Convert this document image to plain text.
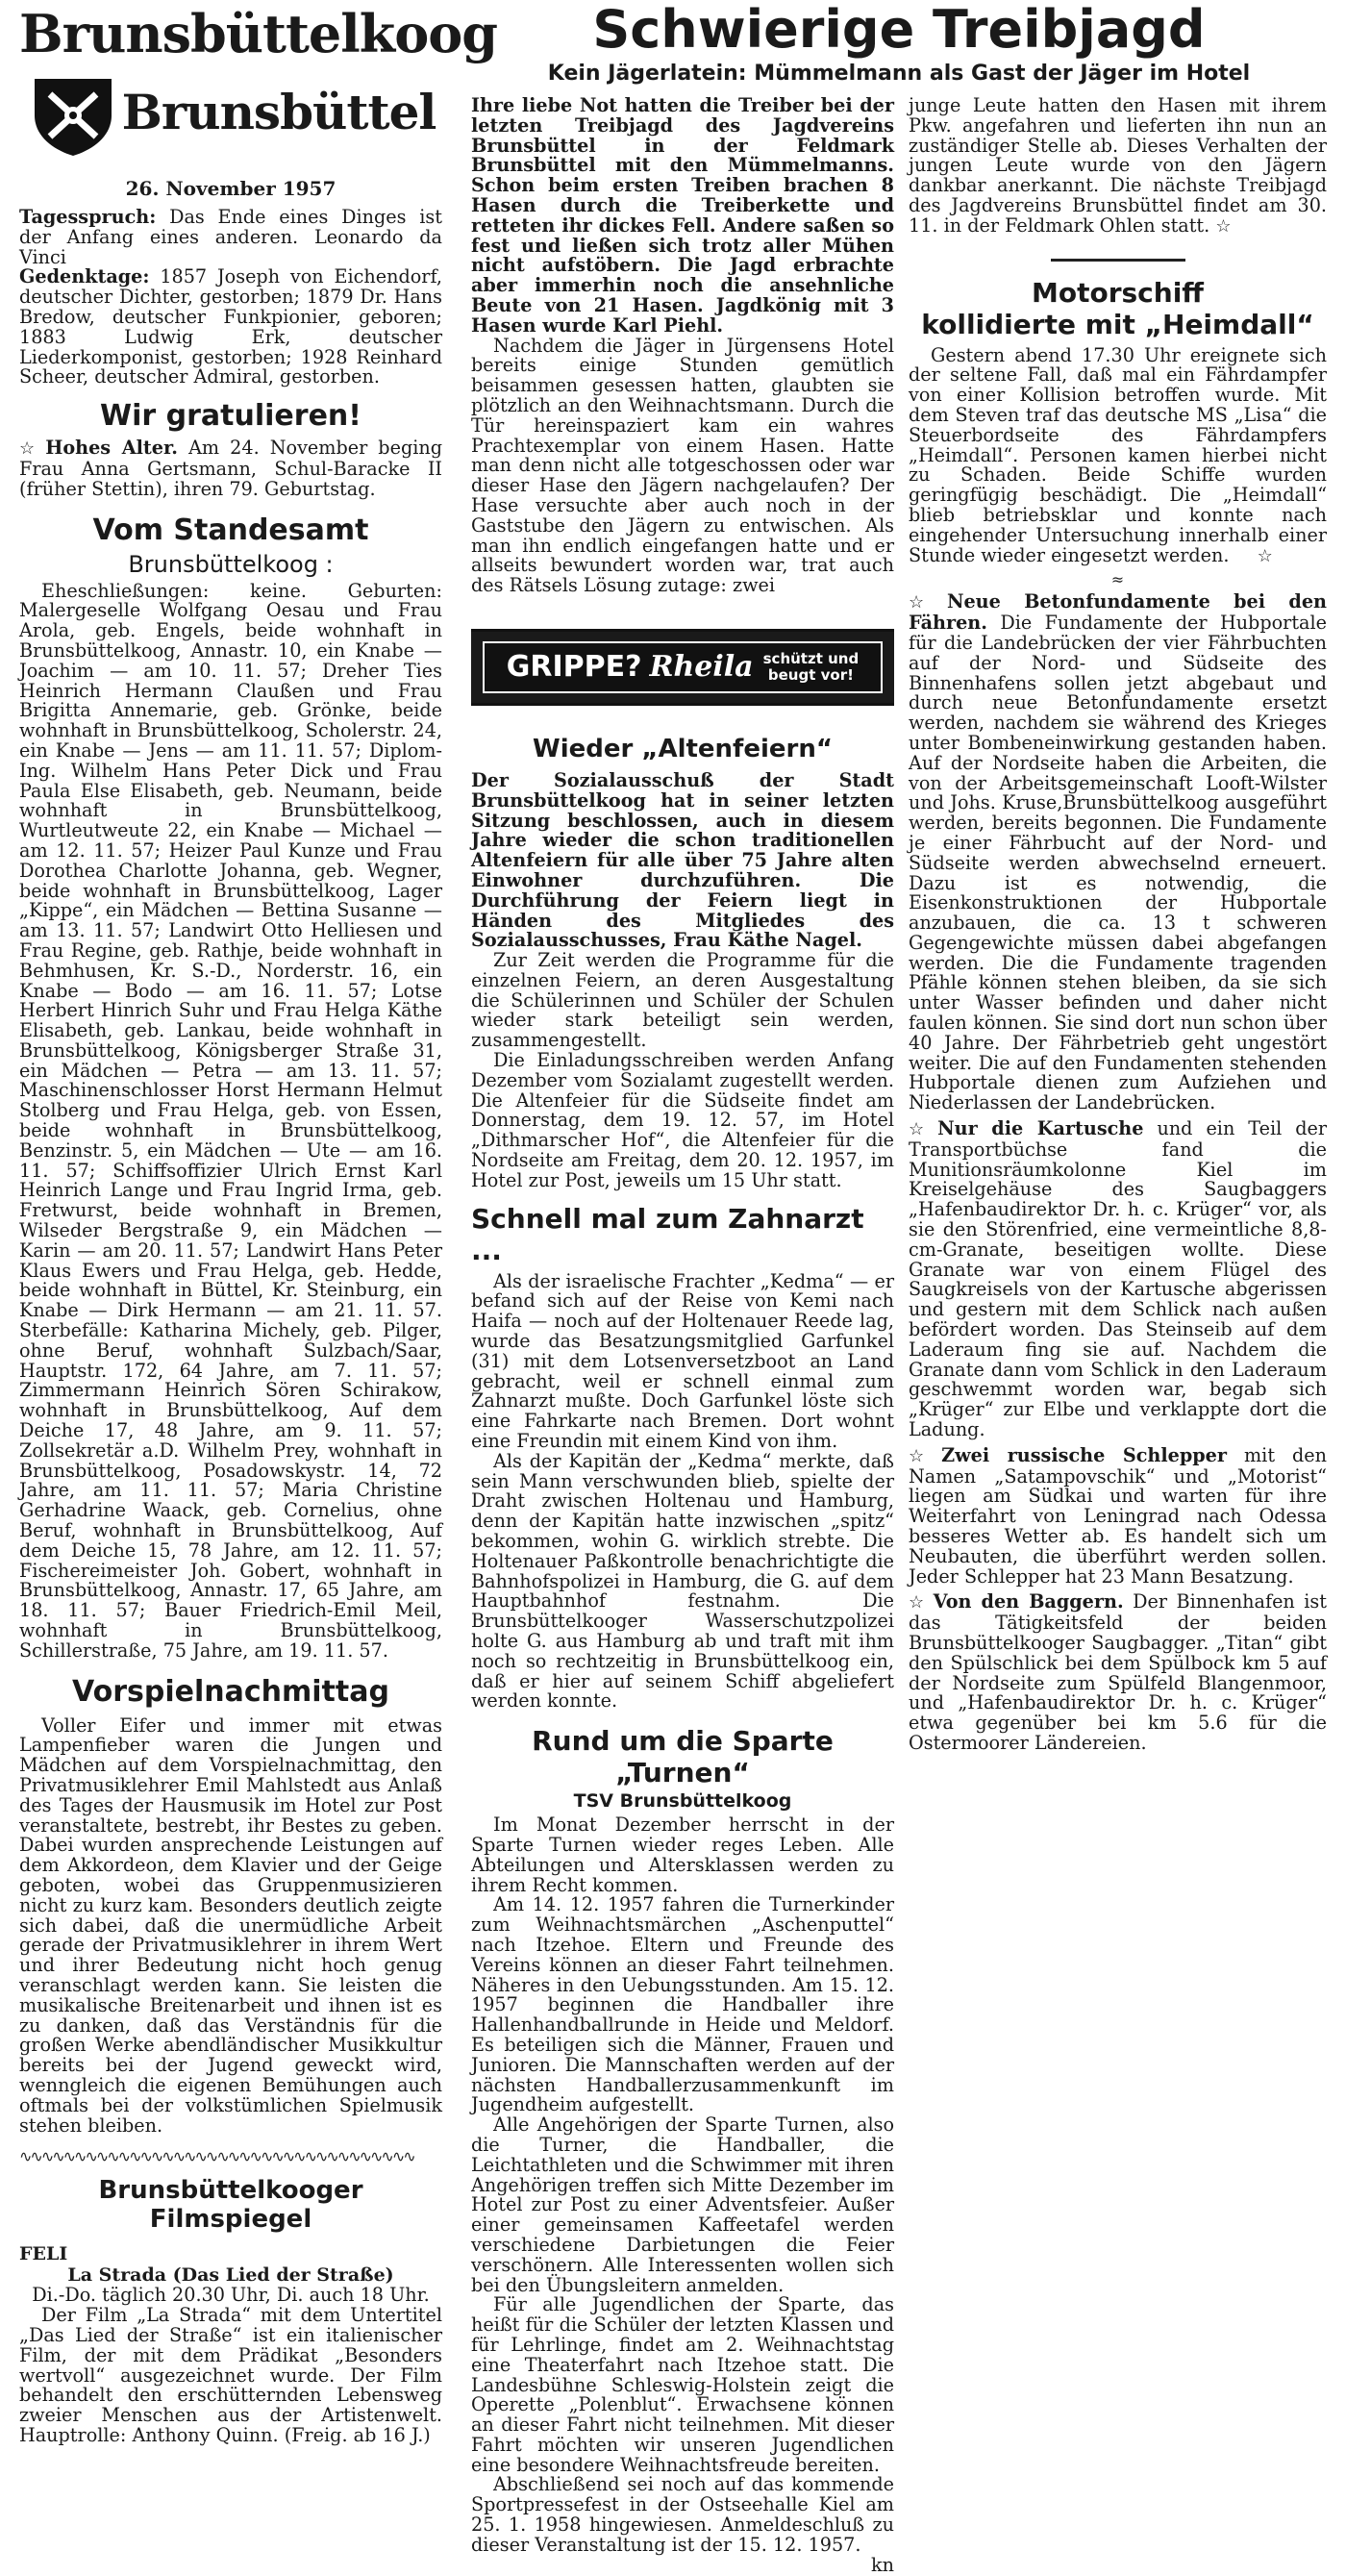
Brunsbüttelkoog
Brunsbüttel
26. November 1957

Tagesspruch: Das Ende eines Dinges ist der Anfang eines anderen. Leonardo da Vinci

Gedenktage: 1857 Joseph von Eichendorf, deutscher Dichter, gestorben; 1879 Dr. Hans Bredow, deutscher Funkpionier, geboren; 1883 Ludwig Erk, deutscher Liederkomponist, gestorben; 1928 Reinhard Scheer, deutscher Admiral, gestorben.

Wir gratulieren!

☆ Hohes Alter. Am 24. November beging Frau Anna Gertsmann, Schul-Baracke II (früher Stettin), ihren 79. Geburtstag.

Vom Standesamt
Brunsbüttelkoog :

Eheschließungen: keine. Geburten: Malergeselle Wolfgang Oesau und Frau Arola, geb. Engels, beide wohnhaft in Brunsbüttelkoog, Annastr. 10, ein Knabe — Joachim — am 10. 11. 57; Dreher Ties Heinrich Hermann Claußen und Frau Brigitta Annemarie, geb. Grönke, beide wohnhaft in Brunsbüttelkoog, Scholerstr. 24, ein Knabe — Jens — am 11. 11. 57; Diplom-Ing. Wilhelm Hans Peter Dick und Frau Paula Else Elisabeth, geb. Neumann, beide wohnhaft in Brunsbüttelkoog, Wurtleutweute 22, ein Knabe — Michael — am 12. 11. 57; Heizer Paul Kunze und Frau Dorothea Charlotte Johanna, geb. Wegner, beide wohnhaft in Brunsbüttelkoog, Lager „Kippe“, ein Mädchen — Bettina Susanne — am 13. 11. 57; Landwirt Otto Helliesen und Frau Regine, geb. Rathje, beide wohnhaft in Behmhusen, Kr. S.-D., Norderstr. 16, ein Knabe — Bodo — am 16. 11. 57; Lotse Herbert Hinrich Suhr und Frau Helga Käthe Elisabeth, geb. Lankau, beide wohnhaft in Brunsbüttelkoog, Königsberger Straße 31, ein Mädchen — Petra — am 13. 11. 57; Maschinenschlosser Horst Hermann Helmut Stolberg und Frau Helga, geb. von Essen, beide wohnhaft in Brunsbüttelkoog, Benzinstr. 5, ein Mädchen — Ute — am 16. 11. 57; Schiffsoffizier Ulrich Ernst Karl Heinrich Lange und Frau Ingrid Irma, geb. Fretwurst, beide wohnhaft in Bremen, Wilseder Bergstraße 9, ein Mädchen — Karin — am 20. 11. 57; Landwirt Hans Peter Klaus Ewers und Frau Helga, geb. Hedde, beide wohnhaft in Büttel, Kr. Steinburg, ein Knabe — Dirk Hermann — am 21. 11. 57. Sterbefälle: Katharina Michely, geb. Pilger, ohne Beruf, wohnhaft Sulzbach/Saar, Hauptstr. 172, 64 Jahre, am 7. 11. 57; Zimmermann Heinrich Sören Schirakow, wohnhaft in Brunsbüttelkoog, Auf dem Deiche 17, 48 Jahre, am 9. 11. 57; Zollsekretär a.D. Wilhelm Prey, wohnhaft in Brunsbüttelkoog, Posadowskystr. 14, 72 Jahre, am 11. 11. 57; Maria Christine Gerhadrine Waack, geb. Cornelius, ohne Beruf, wohnhaft in Brunsbüttelkoog, Auf dem Deiche 15, 78 Jahre, am 12. 11. 57; Fischereimeister Joh. Gobert, wohnhaft in Brunsbüttelkoog, Annastr. 17, 65 Jahre, am 18. 11. 57; Bauer Friedrich-Emil Meil, wohnhaft in Brunsbüttelkoog, Schillerstraße, 75 Jahre, am 19. 11. 57.

Vorspielnachmittag

Voller Eifer und immer mit etwas Lampenfieber waren die Jungen und Mädchen auf dem Vorspielnachmittag, den Privatmusiklehrer Emil Mahlstedt aus Anlaß des Tages der Hausmusik im Hotel zur Post veranstaltete, bestrebt, ihr Bestes zu geben. Dabei wurden ansprechende Leistungen auf dem Akkordeon, dem Klavier und der Geige geboten, wobei das Gruppenmusizieren nicht zu kurz kam. Besonders deutlich zeigte sich dabei, daß die unermüdliche Arbeit gerade der Privatmusiklehrer in ihrem Wert und ihrer Bedeutung nicht hoch genug veranschlagt werden kann. Sie leisten die musikalische Breitenarbeit und ihnen ist es zu danken, daß das Verständnis für die großen Werke abendländischer Musikkultur bereits bei der Jugend geweckt wird, wenngleich die eigenen Bemühungen auch oftmals bei der volkstümlichen Spielmusik stehen bleiben.

∿∿∿∿∿∿∿∿∿∿∿∿∿∿∿∿∿∿∿∿∿∿∿∿∿∿∿∿∿∿∿∿∿∿∿∿
Brunsbüttelkooger Filmspiegel
FELI
La Strada (Das Lied der Straße)

Di.-Do. täglich 20.30 Uhr, Di. auch 18 Uhr.

Der Film „La Strada“ mit dem Untertitel „Das Lied der Straße“ ist ein italienischer Film, der mit dem Prädikat „Besonders wertvoll“ ausgezeichnet wurde. Der Film behandelt den erschütternden Lebensweg zweier Menschen aus der Artistenwelt. Hauptrolle: Anthony Quinn. (Freig. ab 16 J.)

Schwierige Treibjagd
Kein Jägerlatein: Mümmelmann als Gast der Jäger im Hotel

Ihre liebe Not hatten die Treiber bei der letzten Treibjagd des Jagdvereins Brunsbüttel in der Feldmark Brunsbüttel mit den Mümmelmanns. Schon beim ersten Treiben brachen 8 Hasen durch die Treiberkette und retteten ihr dickes Fell. Andere saßen so fest und ließen sich trotz aller Mühen nicht aufstöbern. Die Jagd erbrachte aber immerhin noch die ansehnliche Beute von 21 Hasen. Jagdkönig mit 3 Hasen wurde Karl Piehl.

Nachdem die Jäger in Jürgensens Hotel bereits einige Stunden gemütlich beisammen gesessen hatten, glaubten sie plötzlich an den Weihnachtsmann. Durch die Tür hereinspaziert kam ein wahres Prachtexemplar von einem Hasen. Hatte man denn nicht alle totgeschossen oder war dieser Hase den Jägern nachgelaufen? Der Hase versuchte aber auch noch in der Gaststube den Jägern zu entwischen. Als man ihn endlich eingefangen hatte und er allseits bewundert worden war, trat auch des Rätsels Lösung zutage: zwei

GRIPPE? Rheila schützt und
beugt vor!
Wieder „Altenfeiern“

Der Sozialausschuß der Stadt Brunsbüttelkoog hat in seiner letzten Sitzung beschlossen, auch in diesem Jahre wieder die schon traditionellen Altenfeiern für alle über 75 Jahre alten Einwohner durchzuführen. Die Durchführung der Feiern liegt in Händen des Mitgliedes des Sozialausschusses, Frau Käthe Nagel.

Zur Zeit werden die Programme für die einzelnen Feiern, an deren Ausgestaltung die Schülerinnen und Schüler der Schulen wieder stark beteiligt sein werden, zusammengestellt.

Die Einladungsschreiben werden Anfang Dezember vom Sozialamt zugestellt werden. Die Altenfeier für die Südseite findet am Donnerstag, dem 19. 12. 57, im Hotel „Dithmarscher Hof“, die Altenfeier für die Nordseite am Freitag, dem 20. 12. 1957, im Hotel zur Post, jeweils um 15 Uhr statt.

Schnell mal zum Zahnarzt ...

Als der israelische Frachter „Kedma“ — er befand sich auf der Reise von Kemi nach Haifa — noch auf der Holtenauer Reede lag, wurde das Besatzungsmitglied Garfunkel (31) mit dem Lotsenversetzboot an Land gebracht, weil er schnell einmal zum Zahnarzt mußte. Doch Garfunkel löste sich eine Fahrkarte nach Bremen. Dort wohnt eine Freundin mit einem Kind von ihm.

Als der Kapitän der „Kedma“ merkte, daß sein Mann verschwunden blieb, spielte der Draht zwischen Holtenau und Hamburg, denn der Kapitän hatte inzwischen „spitz“ bekommen, wohin G. wirklich strebte. Die Holtenauer Paßkontrolle benachrichtigte die Bahnhofspolizei in Hamburg, die G. auf dem Hauptbahnhof festnahm. Die Brunsbüttelkooger Wasserschutzpolizei holte G. aus Hamburg ab und traft mit ihm noch so rechtzeitig in Brunsbüttelkoog ein, daß er hier auf seinem Schiff abgeliefert werden konnte.

Rund um die Sparte „Turnen“
TSV Brunsbüttelkoog

Im Monat Dezember herrscht in der Sparte Turnen wieder reges Leben. Alle Abteilungen und Altersklassen werden zu ihrem Recht kommen.

Am 14. 12. 1957 fahren die Turnerkinder zum Weihnachtsmärchen „Aschenputtel“ nach Itzehoe. Eltern und Freunde des Vereins können an dieser Fahrt teilnehmen. Näheres in den Uebungsstunden. Am 15. 12. 1957 beginnen die Handballer ihre Hallenhandballrunde in Heide und Meldorf. Es beteiligen sich die Männer, Frauen und Junioren. Die Mannschaften werden auf der nächsten Handballerzusammenkunft im Jugendheim aufgestellt.

Alle Angehörigen der Sparte Turnen, also die Turner, die Handballer, die Leichtathleten und die Schwimmer mit ihren Angehörigen treffen sich Mitte Dezember im Hotel zur Post zu einer Adventsfeier. Außer einer gemeinsamen Kaffeetafel werden verschiedene Darbietungen die Feier verschönern. Alle Interessenten wollen sich bei den Übungsleitern anmelden.

Für alle Jugendlichen der Sparte, das heißt für die Schüler der letzten Klassen und für Lehrlinge, findet am 2. Weihnachtstag eine Theaterfahrt nach Itzehoe statt. Die Landesbühne Schleswig-Holstein zeigt die Operette „Polenblut“. Erwachsene können an dieser Fahrt nicht teilnehmen. Mit dieser Fahrt möchten wir unseren Jugendlichen eine besondere Weihnachtsfreude bereiten.

Abschließend sei noch auf das kommende Sportpressefest in der Ostseehalle Kiel am 25. 1. 1958 hingewiesen. Anmeldeschluß zu dieser Veranstaltung ist der 15. 12. 1957.
kn

junge Leute hatten den Hasen mit ihrem Pkw. angefahren und lieferten ihn nun an zuständiger Stelle ab. Dieses Verhalten der jungen Leute wurde von den Jägern dankbar anerkannt. Die nächste Treibjagd des Jagdvereins Brunsbüttel findet am 30. 11. in der Feldmark Ohlen statt. ☆

Motorschiff
kollidierte mit „Heimdall“

Gestern abend 17.30 Uhr ereignete sich der seltene Fall, daß mal ein Fährdampfer von einer Kollision betroffen wurde. Mit dem Steven traf das deutsche MS „Lisa“ die Steuerbordseite des Fährdampfers „Heimdall“. Personen kamen hierbei nicht zu Schaden. Beide Schiffe wurden geringfügig beschädigt. Die „Heimdall“ blieb betriebsklar und konnte nach eingehender Untersuchung innerhalb einer Stunde wieder eingesetzt werden. ☆

≈

☆ Neue Betonfundamente bei den Fähren. Die Fundamente der Hubportale für die Landebrücken der vier Fährbuchten auf der Nord- und Südseite des Binnenhafens sollen jetzt abgebaut und durch neue Betonfundamente ersetzt werden, nachdem sie während des Krieges unter Bombeneinwirkung gestanden haben. Auf der Nordseite haben die Arbeiten, die von der Arbeitsgemeinschaft Looft-Wilster und Johs. Kruse,Brunsbüttelkoog ausgeführt werden, bereits begonnen. Die Fundamente je einer Fährbucht auf der Nord- und Südseite werden abwechselnd erneuert. Dazu ist es notwendig, die Eisenkonstruktionen der Hubportale anzubauen, die ca. 13 t schweren Gegengewichte müssen dabei abgefangen werden. Die die Fundamente tragenden Pfähle können stehen bleiben, da sie sich unter Wasser befinden und daher nicht faulen können. Sie sind dort nun schon über 40 Jahre. Der Fährbetrieb geht ungestört weiter. Die auf den Fundamenten stehenden Hubportale dienen zum Aufziehen und Niederlassen der Landebrücken.

☆ Nur die Kartusche und ein Teil der Transportbüchse fand die Munitionsräumkolonne Kiel im Kreiselgehäuse des Saugbaggers „Hafenbaudirektor Dr. h. c. Krüger“ vor, als sie den Störenfried, eine vermeintliche 8,8-cm-Granate, beseitigen wollte. Diese Granate war von einem Flügel des Saugkreisels von der Kartusche abgerissen und gestern mit dem Schlick nach außen befördert worden. Das Steinseib auf dem Laderaum fing sie auf. Nachdem die Granate dann vom Schlick in den Laderaum geschwemmt worden war, begab sich „Krüger“ zur Elbe und verklappte dort die Ladung.

☆ Zwei russische Schlepper mit den Namen „Satampovschik“ und „Motorist“ liegen am Südkai und warten für ihre Weiterfahrt von Leningrad nach Odessa besseres Wetter ab. Es handelt sich um Neubauten, die überführt werden sollen. Jeder Schlepper hat 23 Mann Besatzung.

☆ Von den Baggern. Der Binnenhafen ist das Tätigkeitsfeld der beiden Brunsbüttelkooger Saugbagger. „Titan“ gibt den Spülschlick bei dem Spülbock km 5 auf der Nordseite zum Spülfeld Blangenmoor, und „Hafenbaudirektor Dr. h. c. Krüger“ etwa gegenüber bei km 5.6 für die Ostermoorer Ländereien.
